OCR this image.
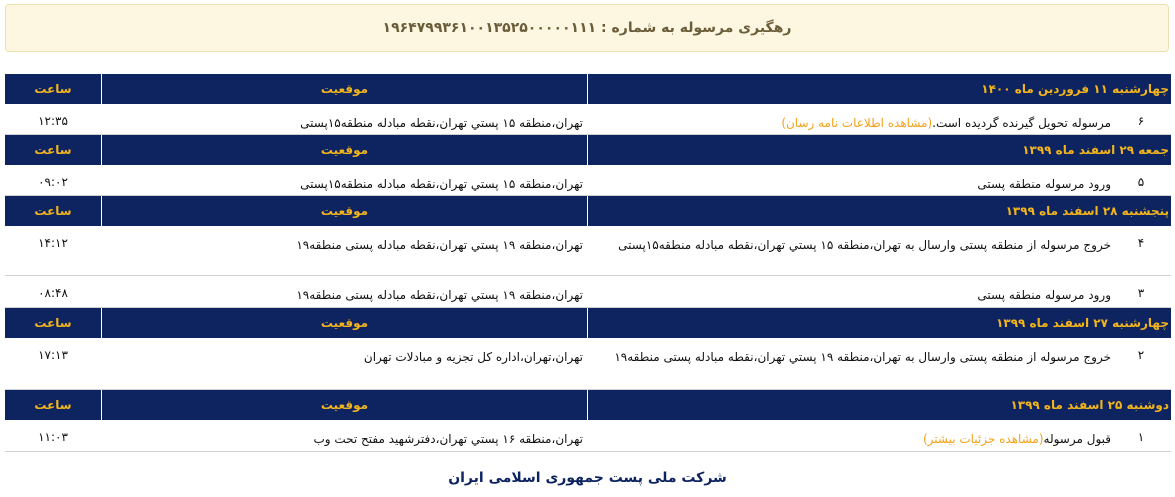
رهگیری مرسوله به شماره : ۱۹۶۴۷۹۹۳۶۱۰۰۱۳۵۲۵۰۰۰۰۰۱۱۱
چهارشنبه ۱۱ فروردین ماه ۱۴۰۰
موقعیت
ساعت
۶
مرسوله تحویل گیرنده گردیده است.(مشاهده اطلاعات نامه رسان)
تهران،منطقه ۱۵ پستي تهران،نقطه مبادله منطقه۱۵پستی
۱۲:۳۵
جمعه ۲۹ اسفند ماه ۱۳۹۹
موقعیت
ساعت
۵
ورود مرسوله منطقه پستی
تهران،منطقه ۱۵ پستي تهران،نقطه مبادله منطقه۱۵پستی
۰۹:۰۲
پنجشنبه ۲۸ اسفند ماه ۱۳۹۹
موقعیت
ساعت
۴
خروج مرسوله از منطقه پستی وارسال به تهران،منطقه ۱۵ پستي تهران،نقطه مبادله منطقه۱۵پستی
تهران،منطقه ۱۹ پستي تهران،نقطه مبادله پستی منطقه۱۹
۱۴:۱۲
۳
ورود مرسوله منطقه پستی
تهران،منطقه ۱۹ پستي تهران،نقطه مبادله پستی منطقه۱۹
۰۸:۴۸
چهارشنبه ۲۷ اسفند ماه ۱۳۹۹
موقعیت
ساعت
۲
خروج مرسوله از منطقه پستی وارسال به تهران،منطقه ۱۹ پستي تهران،نقطه مبادله پستی منطقه۱۹
تهران،تهران،اداره کل تجزیه و مبادلات تهران
۱۷:۱۳
دوشنبه ۲۵ اسفند ماه ۱۳۹۹
موقعیت
ساعت
۱
قبول مرسوله(مشاهده جزئیات بیشتر)
تهران،منطقه ۱۶ پستي تهران،دفترشهید مفتح تحت وب
۱۱:۰۳
شرکت ملی پست جمهوری اسلامی ایران
